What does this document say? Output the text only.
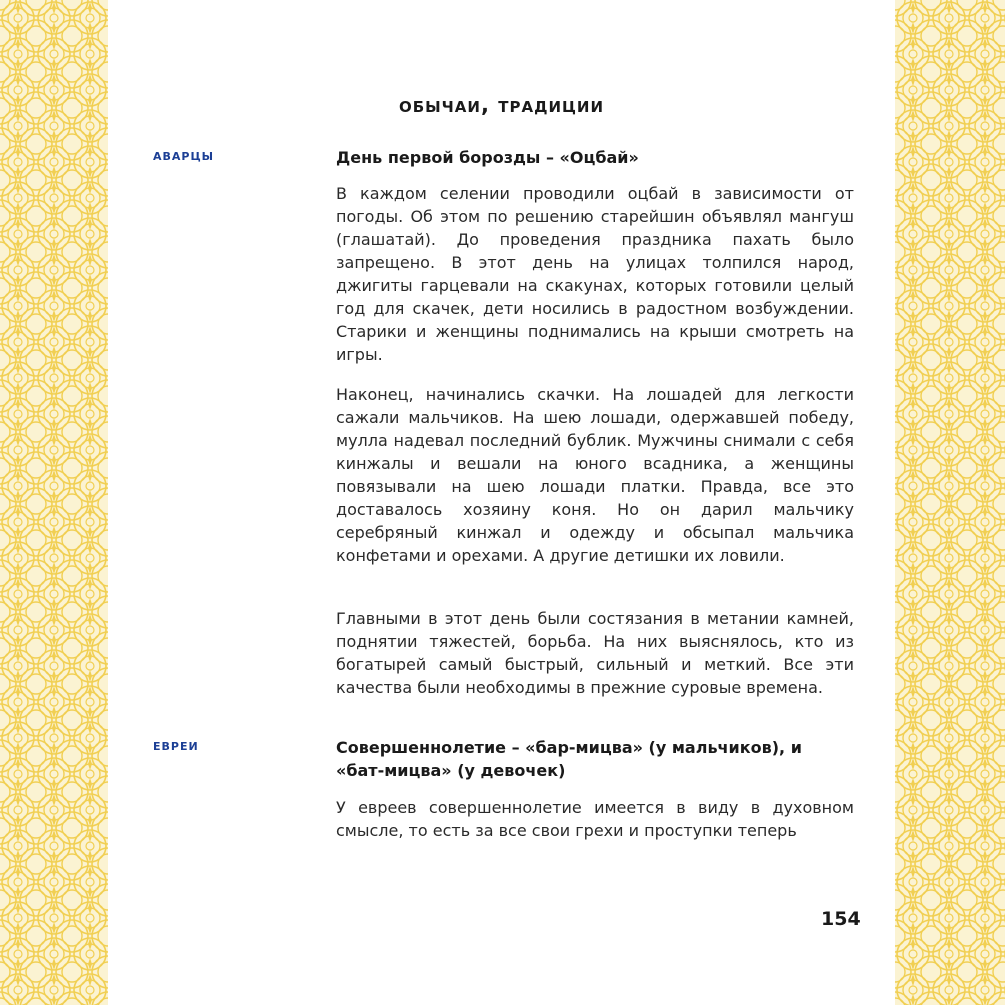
обычаи, традиции
аварцы	День первой борозды – «Оцбай»

В каждом селении проводили оцбай в зависимости от погоды. Об этом по решению старейшин объявлял мангуш (глашатай). До проведения праздника пахать было запрещено. В этот день на улицах толпился народ, джигиты гарцевали на скакунах, которых готовили целый год для скачек, дети носились в радостном возбуждении. Старики и женщины поднимались на крыши смотреть на игры.

Наконец, начинались скачки. На лошадей для легкости сажали мальчиков. На шею лошади, одержавшей победу, мулла надевал последний бублик. Мужчины снимали с себя кинжалы и вешали на юного всадника, а женщины повязывали на шею лошади платки. Правда, все это доставалось хозяину коня. Но он дарил мальчику серебряный кинжал и одежду и обсыпал мальчика конфетами и орехами. А другие детишки их ловили.

Главными в этот день были состязания в метании камней, поднятии тяжестей, борьба. На них выяснялось, кто из богатырей самый быстрый, сильный и меткий. Все эти качества были необходимы в прежние суровые времена.

евреи	Совершеннолетие – «бар-мицва» (у мальчиков), и «бат-мицва» (у девочек)

У евреев совершеннолетие имеется в виду в духовном смысле, то есть за все свои грехи и проступки теперь

154
